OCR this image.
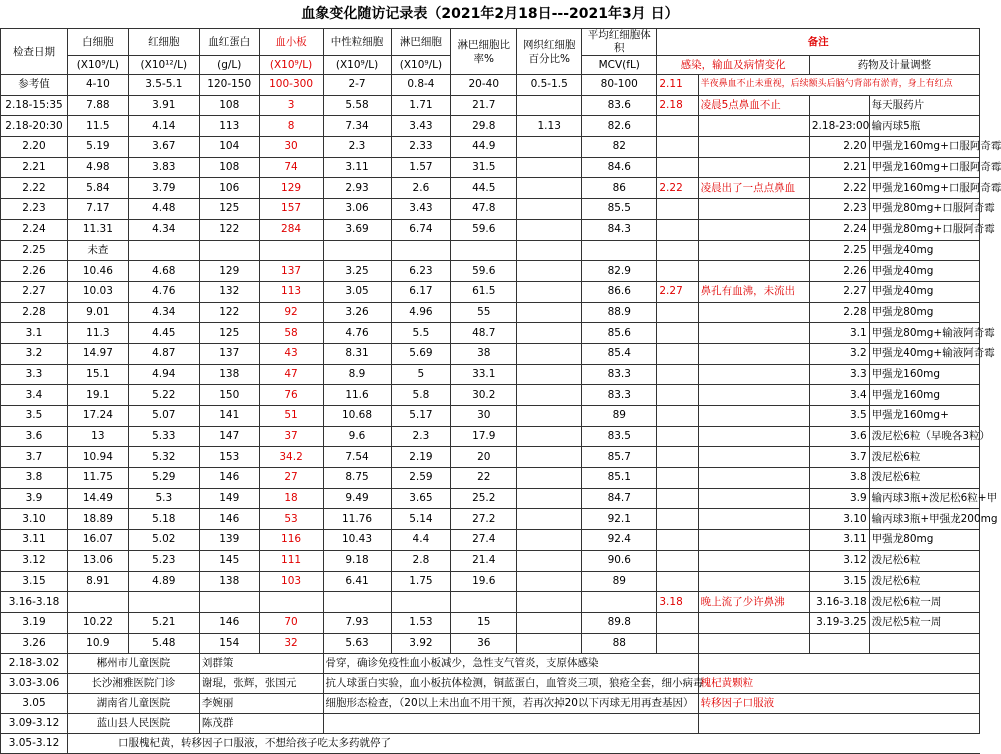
血象变化随访记录表（2021年2月18日---2021年3月 日）
检查日期	白细胞	红细胞	血红蛋白	血小板	中性粒细胞	淋巴细胞	淋巴细胞比率%	网织红细胞百分比%	平均红细胞体积	备注			
	(X10⁹/L)	(X10¹²/L)	(g/L)	(X10⁹/L)	(X10⁹/L)	(X10⁹/L)			MCV(fL)	感染，输血及病情变化		药物及计量调整	
参考值	4-10	3.5-5.1	120-150	100-300	2-7	0.8-4	20-40	0.5-1.5	80-100	2.11	半夜鼻血不止未重视，后续额头后脑勺背部有淤青，身上有红点		
2.18-15:35	7.88	3.91	108	3	5.58	1.71	21.7		83.6	2.18	凌晨5点鼻血不止		每天服药片
2.18-20:30	11.5	4.14	113	8	7.34	3.43	29.8	1.13	82.6			2.18-23:00	输丙球5瓶
2.20	5.19	3.67	104	30	2.3	2.33	44.9		82			2.20	甲强龙160mg+口服阿奇霉
2.21	4.98	3.83	108	74	3.11	1.57	31.5		84.6			2.21	甲强龙160mg+口服阿奇霉
2.22	5.84	3.79	106	129	2.93	2.6	44.5		86	2.22	凌晨出了一点点鼻血	2.22	甲强龙160mg+口服阿奇霉
2.23	7.17	4.48	125	157	3.06	3.43	47.8		85.5			2.23	甲强龙80mg+口服阿奇霉
2.24	11.31	4.34	122	284	3.69	6.74	59.6		84.3			2.24	甲强龙80mg+口服阿奇霉
2.25	未查											2.25	甲强龙40mg
2.26	10.46	4.68	129	137	3.25	6.23	59.6		82.9			2.26	甲强龙40mg
2.27	10.03	4.76	132	113	3.05	6.17	61.5		86.6	2.27	鼻孔有血沸，未流出	2.27	甲强龙40mg
2.28	9.01	4.34	122	92	3.26	4.96	55		88.9			2.28	甲强龙80mg
3.1	11.3	4.45	125	58	4.76	5.5	48.7		85.6			3.1	甲强龙80mg+输液阿奇霉
3.2	14.97	4.87	137	43	8.31	5.69	38		85.4			3.2	甲强龙40mg+输液阿奇霉
3.3	15.1	4.94	138	47	8.9	5	33.1		83.3			3.3	甲强龙160mg
3.4	19.1	5.22	150	76	11.6	5.8	30.2		83.3			3.4	甲强龙160mg
3.5	17.24	5.07	141	51	10.68	5.17	30		89			3.5	甲强龙160mg+
3.6	13	5.33	147	37	9.6	2.3	17.9		83.5			3.6	泼尼松6粒（早晚各3粒）
3.7	10.94	5.32	153	34.2	7.54	2.19	20		85.7			3.7	泼尼松6粒
3.8	11.75	5.29	146	27	8.75	2.59	22		85.1			3.8	泼尼松6粒
3.9	14.49	5.3	149	18	9.49	3.65	25.2		84.7			3.9	输丙球3瓶+泼尼松6粒+甲
3.10	18.89	5.18	146	53	11.76	5.14	27.2		92.1			3.10	输丙球3瓶+甲强龙200mg
3.11	16.07	5.02	139	116	10.43	4.4	27.4		92.4			3.11	甲强龙80mg
3.12	13.06	5.23	145	111	9.18	2.8	21.4		90.6			3.12	泼尼松6粒
3.15	8.91	4.89	138	103	6.41	1.75	19.6		89			3.15	泼尼松6粒
3.16-3.18										3.18	晚上流了少许鼻沸	3.16-3.18	泼尼松6粒一周
3.19	10.22	5.21	146	70	7.93	1.53	15		89.8			3.19-3.25	泼尼松5粒一周
3.26	10.9	5.48	154	32	5.63	3.92	36		88				
2.18-3.02	郴州市儿童医院		刘群策		骨穿，确诊免疫性血小板减少，急性支气管炎，支原体感染								
3.03-3.06	长沙湘雅医院门诊		谢琨，张辉，张国元		抗人球蛋白实验，血小板抗体检测，铜蓝蛋白，血管炎三项，狼疮全套，细小病毒						槐杞黄颗粒		
3.05	湖南省儿童医院		李婉丽		细胞形态检查，（20以上未出血不用干预，若再次掉20以下丙球无用再查基因）						转移因子口服液		
3.09-3.12	蓝山县人民医院		陈茂群										
3.05-3.12	口服槐杞黄，转移因子口服液，不想给孩子吃太多药就停了												
